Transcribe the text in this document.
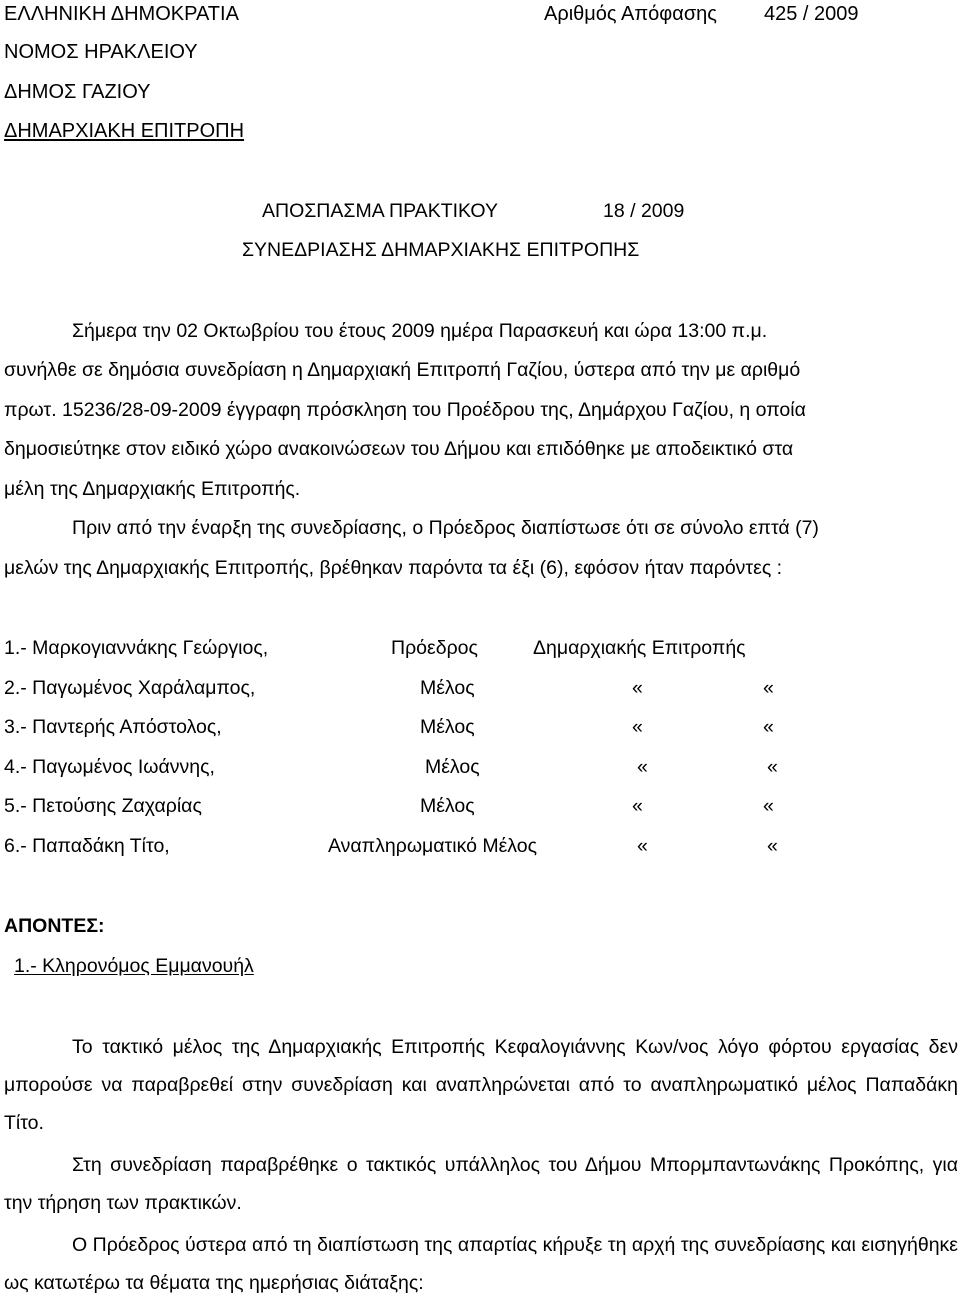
ΕΛΛΗΝΙΚΗ ΔΗΜΟΚΡΑΤΙΑ
ΝΟΜΟΣ ΗΡΑΚΛΕΙΟΥ
ΔΗΜΟΣ ΓΑΖΙΟΥ
ΔΗΜΑΡΧΙΑΚΗ ΕΠΙΤΡΟΠΗ
Αριθμός Απόφασης 425 / 2009
ΑΠΟΣΠΑΣΜΑ ΠΡΑΚΤΙΚΟΥ	18 / 2009
ΣΥΝΕΔΡΙΑΣΗΣ ΔΗΜΑΡΧΙΑΚΗΣ ΕΠΙΤΡΟΠΗΣ
Σήμερα την 02 Οκτωβρίου του έτους 2009 ημέρα Παρασκευή και ώρα 13:00 π.μ.
συνήλθε σε δημόσια συνεδρίαση η Δημαρχιακή Επιτροπή Γαζίου, ύστερα από την με αριθμό
πρωτ. 15236/28-09-2009 έγγραφη πρόσκληση του Προέδρου της, Δημάρχου Γαζίου, η οποία
δημοσιεύτηκε στον ειδικό χώρο ανακοινώσεων του Δήμου και επιδόθηκε με αποδεικτικό στα
μέλη της Δημαρχιακής Επιτροπής.
Πριν από την έναρξη της συνεδρίασης, ο Πρόεδρος διαπίστωσε ότι σε σύνολο επτά (7)
μελών της Δημαρχιακής Επιτροπής, βρέθηκαν παρόντα τα έξι (6), εφόσον ήταν παρόντες :
1.- Μαρκογιαννάκης Γεώργιος,	Πρόεδρος	Δημαρχιακής Επιτροπής
2.- Παγωμένος Χαράλαμπος,	Μέλος	«	«
3.- Παντερής Απόστολος,	Μέλος	«	«
4.- Παγωμένος Ιωάννης,	Μέλος	«	«
5.- Πετούσης Ζαχαρίας	Μέλος	«	«
6.- Παπαδάκη Τίτο,	Αναπληρωματικό Μέλος	«	«
ΑΠΟΝΤΕΣ:
1.- Κληρονόμος Εμμανουήλ
Το τακτικό μέλος της Δημαρχιακής Επιτροπής Κεφαλογιάννης Κων/νος λόγο φόρτου εργασίας δεν μπορούσε να παραβρεθεί στην συνεδρίαση και αναπληρώνεται από το αναπληρωματικό μέλος Παπαδάκη Τίτο.
Στη συνεδρίαση παραβρέθηκε ο τακτικός υπάλληλος του Δήμου Μπορμπαντωνάκης Προκόπης, για την τήρηση των πρακτικών.
Ο Πρόεδρος ύστερα από τη διαπίστωση της απαρτίας κήρυξε τη αρχή της συνεδρίασης και εισηγήθηκε ως κατωτέρω τα θέματα της ημερήσιας διάταξης:
